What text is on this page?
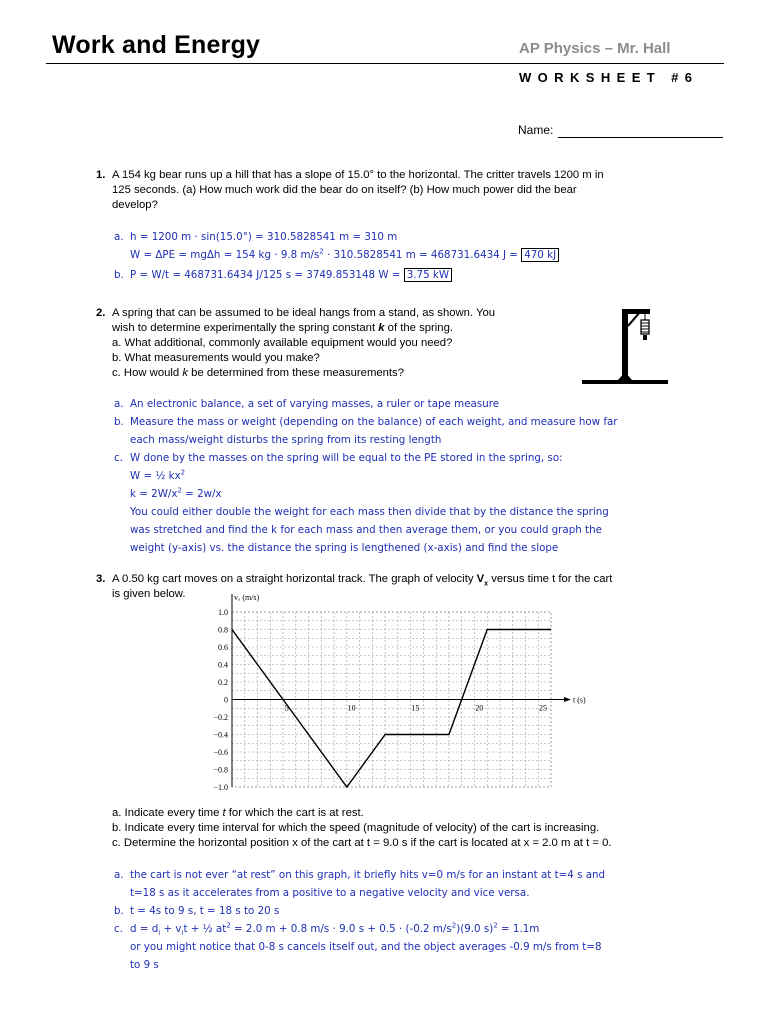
Work and Energy	AP Physics – Mr. Hall
WORKSHEET #6
Name:
1. A 154 kg bear runs up a hill that has a slope of 15.0° to the horizontal. The critter travels 1200 m in
125 seconds. (a) How much work did the bear do on itself? (b) How much power did the bear
develop?
a. h = 1200 m · sin(15.0°) = 310.5828541 m = 310 m
W = ΔPE = mgΔh = 154 kg · 9.8 $m/s^2 \cdot 310.5828541$ m = 468731.6434 J = 470 kJ
b. P = W/t = 468731.6434 J/125 s = 3749.853148 W = 3.75 kW
2. A spring that can be assumed to be ideal hangs from a stand, as shown. You
wish to determine experimentally the spring constant k of the spring.
a. What additional, commonly available equipment would you need?
b. What measurements would you make?
c. How would k be determined from these measurements?
a. An electronic balance, a set of varying masses, a ruler or tape measure
b. Measure the mass or weight (depending on the balance) of each weight, and measure how far
each mass/weight disturbs the spring from its resting length
c. W done by the masses on the spring will be equal to the PE stored in the spring, so:
W = ½ $kx^2$
$k = 2W/x^2 = 2w/x$
You could either double the weight for each mass then divide that by the distance the spring
was stretched and find the k for each mass and then average them, or you could graph the
weight (y-axis) vs. the distance the spring is lengthened (x-axis) and find the slope
3. A 0.50 kg cart moves on a straight horizontal track. The graph of velocity $V_x$ versus time t for the cart
is given below.
5	10	15	20	25
1.0
0.8
0.6
0.4
0.2
0
−0.2
−0.4
−0.6
−0.8
−1.0
vₓ (m/s)
t (s)
a. Indicate every time t for which the cart is at rest.
b. Indicate every time interval for which the speed (magnitude of velocity) of the cart is increasing.
c. Determine the horizontal position x of the cart at t = 9.0 s if the cart is located at x = 2.0 m at t = 0.
a. the cart is not ever “at rest” on this graph, it briefly hits v=0 m/s for an instant at t=4 s and
t=18 s as it accelerates from a positive to a negative velocity and vice versa.
b. t = 4s to 9 s, t = 18 s to 20 s
c. $d = d_i + v_it$ + ½ $at^2 = 2.0$ m + 0.8 m/s · 9.0 s + 0.5 · (-0.2 $m/s^2)(9.0$ s)$^2$ = 1.1m
or you might notice that 0-8 s cancels itself out, and the object averages -0.9 m/s from t=8
to 9 s
